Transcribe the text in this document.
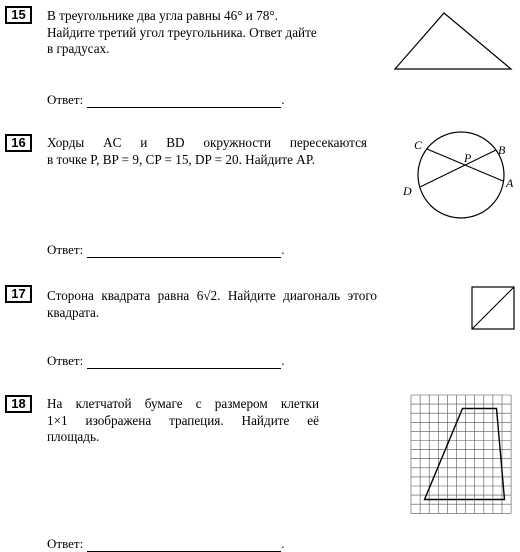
15	В треугольнике два угла равны 46° и 78°.
Найдите третий угол треугольника. Ответ дайте
в градусах.
Ответ:	.
16	Хорды AC и BD окружности пересекаются
в точке P, BP = 9, CP = 15, DP = 20. Найдите AP.
C	B
P
A
D
Ответ:	.
17	Сторона квадрата равна 6√2. Найдите диагональ этого
квадрата.
Ответ:	.
18	На клетчатой бумаге с размером клетки
1×1 изображена трапеция. Найдите её
площадь.
Ответ:	.
